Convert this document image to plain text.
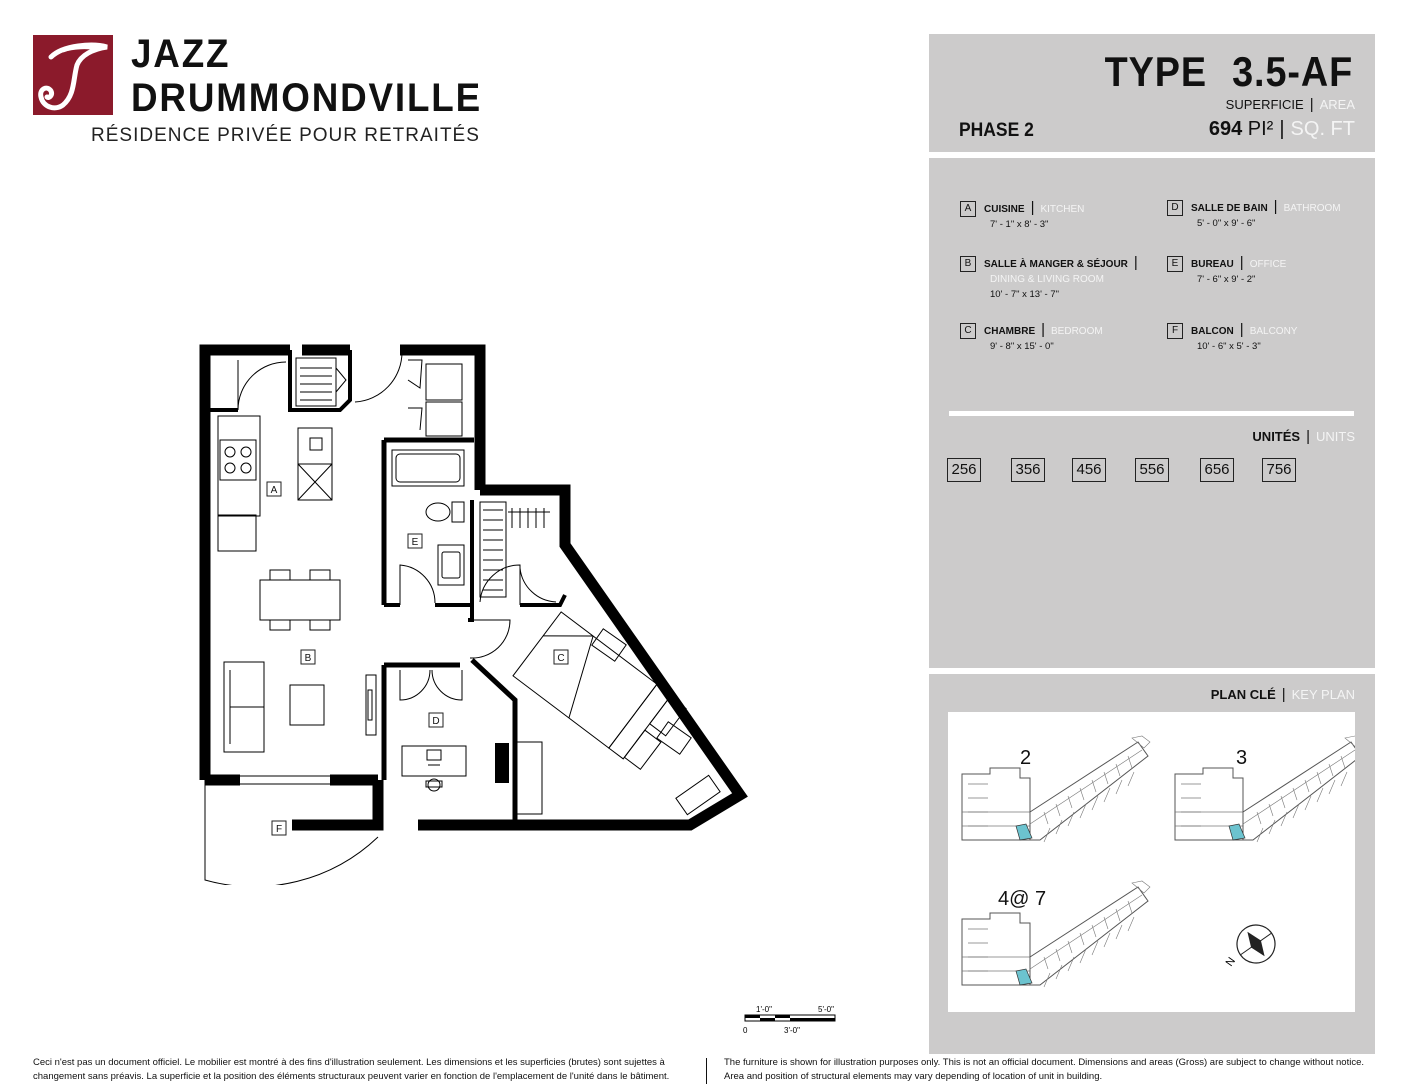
JAZZ
DRUMMONDVILLE
RÉSIDENCE PRIVÉE POUR RETRAITÉS
TYPE 3.5-AF
SUPERFICIE | AREA
PHASE 2	694 PI² | SQ. FT
A CUISINE | KITCHEN
7' - 1" x 8' - 3"
B SALLE À MANGER & SÉJOUR |
DINING & LIVING ROOM
10' - 7" x 13' - 7"
C CHAMBRE | BEDROOM
9' - 8" x 15' - 0"
D SALLE DE BAIN | BATHROOM
5' - 0" x 9' - 6"
E BUREAU | OFFICE
7' - 6" x 9' - 2"
F BALCON | BALCONY
10' - 6" x 5' - 3"
UNITÉS | UNITS
256	356 456	556	656 756
PLAN CLÉ | KEY PLAN
2	3
4@ 7
N
A
B	C
D
E
F
1'-0"	5'-0"
0	3'-0"
Ceci n'est pas un document officiel. Le mobilier est montré à des fins d'illustration seulement. Les dimensions et les superficies (brutes) sont sujettes à
changement sans préavis. La superficie et la position des éléments structuraux peuvent varier en fonction de l'emplacement de l'unité dans le bâtiment.
The furniture is shown for illustration purposes only. This is not an official document. Dimensions and areas (Gross) are subject to change without notice.
Area and position of structural elements may vary depending of location of unit in building.
